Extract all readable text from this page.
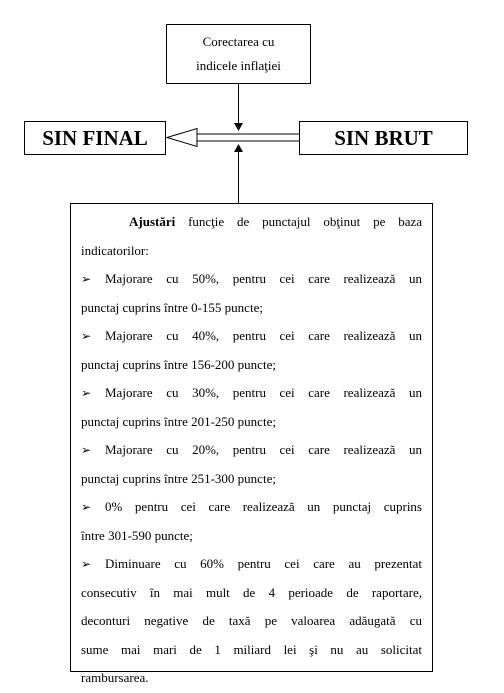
Corectarea cu
indicele inflaţiei
SIN FINAL	SIN BRUT
Ajustări funcţie de punctajul obţinut pe baza
indicatorilor:
➢ Majorare cu 50%, pentru cei care realizează un
punctaj cuprins între 0-155 puncte;
➢ Majorare cu 40%, pentru cei care realizează un
punctaj cuprins între 156-200 puncte;
➢ Majorare cu 30%, pentru cei care realizează un
punctaj cuprins între 201-250 puncte;
➢ Majorare cu 20%, pentru cei care realizează un
punctaj cuprins între 251-300 puncte;
➢ 0% pentru cei care realizează un punctaj cuprins
între 301-590 puncte;
➢ Diminuare cu 60% pentru cei care au prezentat
consecutiv în mai mult de 4 perioade de raportare,
deconturi negative de taxă pe valoarea adăugată cu
sume mai mari de 1 miliard lei şi nu au solicitat
rambursarea.
